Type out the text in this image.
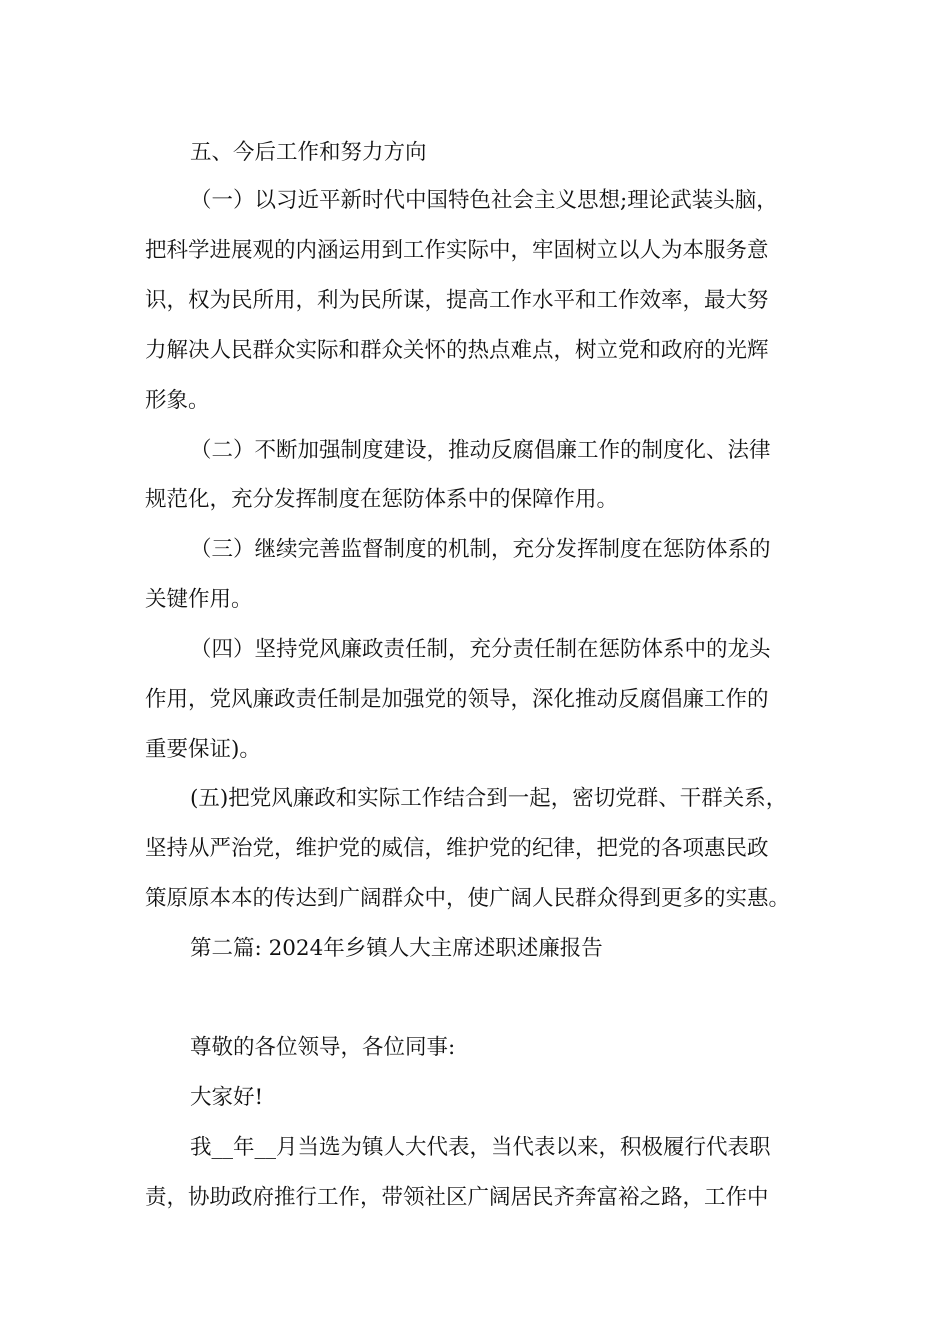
五、今后工作和努力方向
（一）以习近平新时代中国特色社会主义思想;理论武装头脑，
把科学进展观的内涵运用到工作实际中，牢固树立以人为本服务意
识，权为民所用，利为民所谋，提高工作水平和工作效率，最大努
力解决人民群众实际和群众关怀的热点难点，树立党和政府的光辉
形象。
（二）不断加强制度建设，推动反腐倡廉工作的制度化、法律
规范化，充分发挥制度在惩防体系中的保障作用。
（三）继续完善监督制度的机制，充分发挥制度在惩防体系的
关键作用。
（四）坚持党风廉政责任制，充分责任制在惩防体系中的龙头
作用，党风廉政责任制是加强党的领导，深化推动反腐倡廉工作的
重要保证)。
(五)把党风廉政和实际工作结合到一起，密切党群、干群关系，
坚持从严治党，维护党的威信，维护党的纪律，把党的各项惠民政
策原原本本的传达到广阔群众中，使广阔人民群众得到更多的实惠。
第二篇: 2024年乡镇人大主席述职述廉报告
尊敬的各位领导，各位同事:
大家好!
我__年__月当选为镇人大代表，当代表以来，积极履行代表职
责，协助政府推行工作，带领社区广阔居民齐奔富裕之路，工作中
